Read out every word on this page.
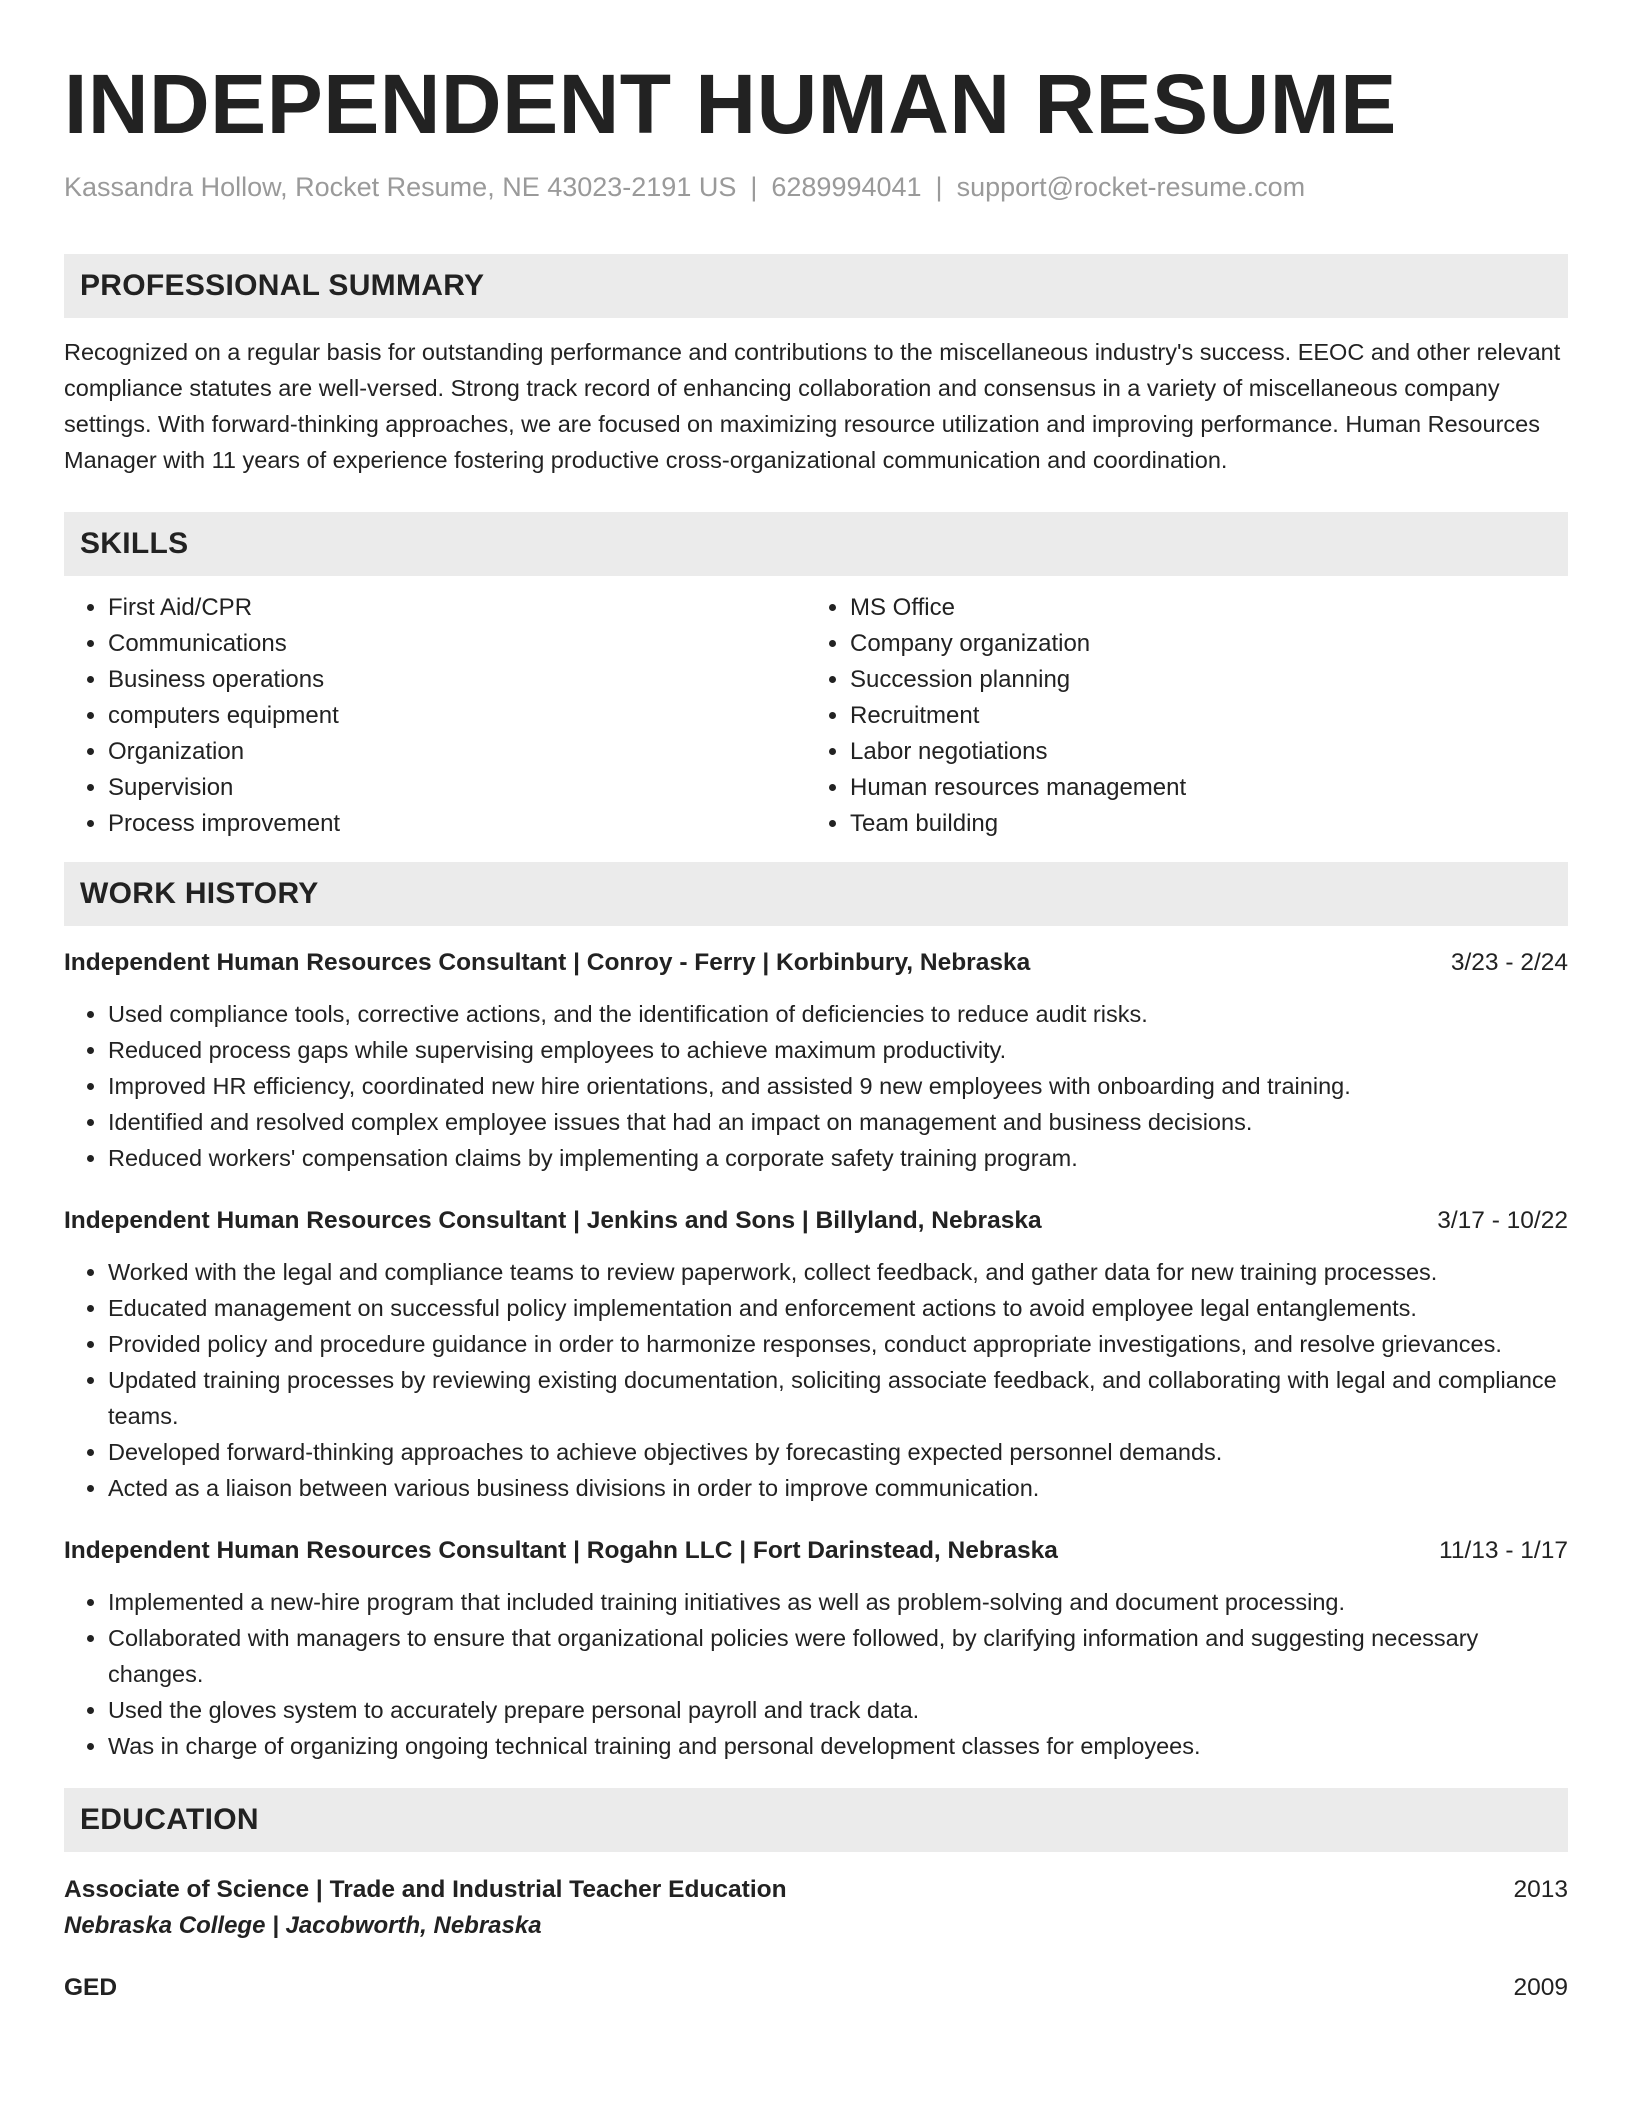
INDEPENDENT HUMAN RESUME
Kassandra Hollow, Rocket Resume, NE 43023-2191 US | 6289994041 | support@rocket-resume.com
PROFESSIONAL SUMMARY
Recognized on a regular basis for outstanding performance and contributions to the miscellaneous industry's success. EEOC and other relevant compliance statutes are well-versed. Strong track record of enhancing collaboration and consensus in a variety of miscellaneous company settings. With forward-thinking approaches, we are focused on maximizing resource utilization and improving performance. Human Resources Manager with 11 years of experience fostering productive cross-organizational communication and coordination.
SKILLS
• First Aid/CPR
• Communications
• Business operations
• computers equipment
• Organization
• Supervision
• Process improvement
• MS Office
• Company organization
• Succession planning
• Recruitment
• Labor negotiations
• Human resources management
• Team building
WORK HISTORY
Independent Human Resources Consultant | Conroy - Ferry | Korbinbury, Nebraska	3/23 - 2/24
• Used compliance tools, corrective actions, and the identification of deficiencies to reduce audit risks.
• Reduced process gaps while supervising employees to achieve maximum productivity.
• Improved HR efficiency, coordinated new hire orientations, and assisted 9 new employees with onboarding and training.
• Identified and resolved complex employee issues that had an impact on management and business decisions.
• Reduced workers' compensation claims by implementing a corporate safety training program.
Independent Human Resources Consultant | Jenkins and Sons | Billyland, Nebraska	3/17 - 10/22
• Worked with the legal and compliance teams to review paperwork, collect feedback, and gather data for new training processes.
• Educated management on successful policy implementation and enforcement actions to avoid employee legal entanglements.
• Provided policy and procedure guidance in order to harmonize responses, conduct appropriate investigations, and resolve grievances.
• Updated training processes by reviewing existing documentation, soliciting associate feedback, and collaborating with legal and compliance teams.
• Developed forward-thinking approaches to achieve objectives by forecasting expected personnel demands.
• Acted as a liaison between various business divisions in order to improve communication.
Independent Human Resources Consultant | Rogahn LLC | Fort Darinstead, Nebraska	11/13 - 1/17
• Implemented a new-hire program that included training initiatives as well as problem-solving and document processing.
• Collaborated with managers to ensure that organizational policies were followed, by clarifying information and suggesting necessary changes.
• Used the gloves system to accurately prepare personal payroll and track data.
• Was in charge of organizing ongoing technical training and personal development classes for employees.
EDUCATION
Associate of Science | Trade and Industrial Teacher Education	2013
Nebraska College | Jacobworth, Nebraska
GED	2009
